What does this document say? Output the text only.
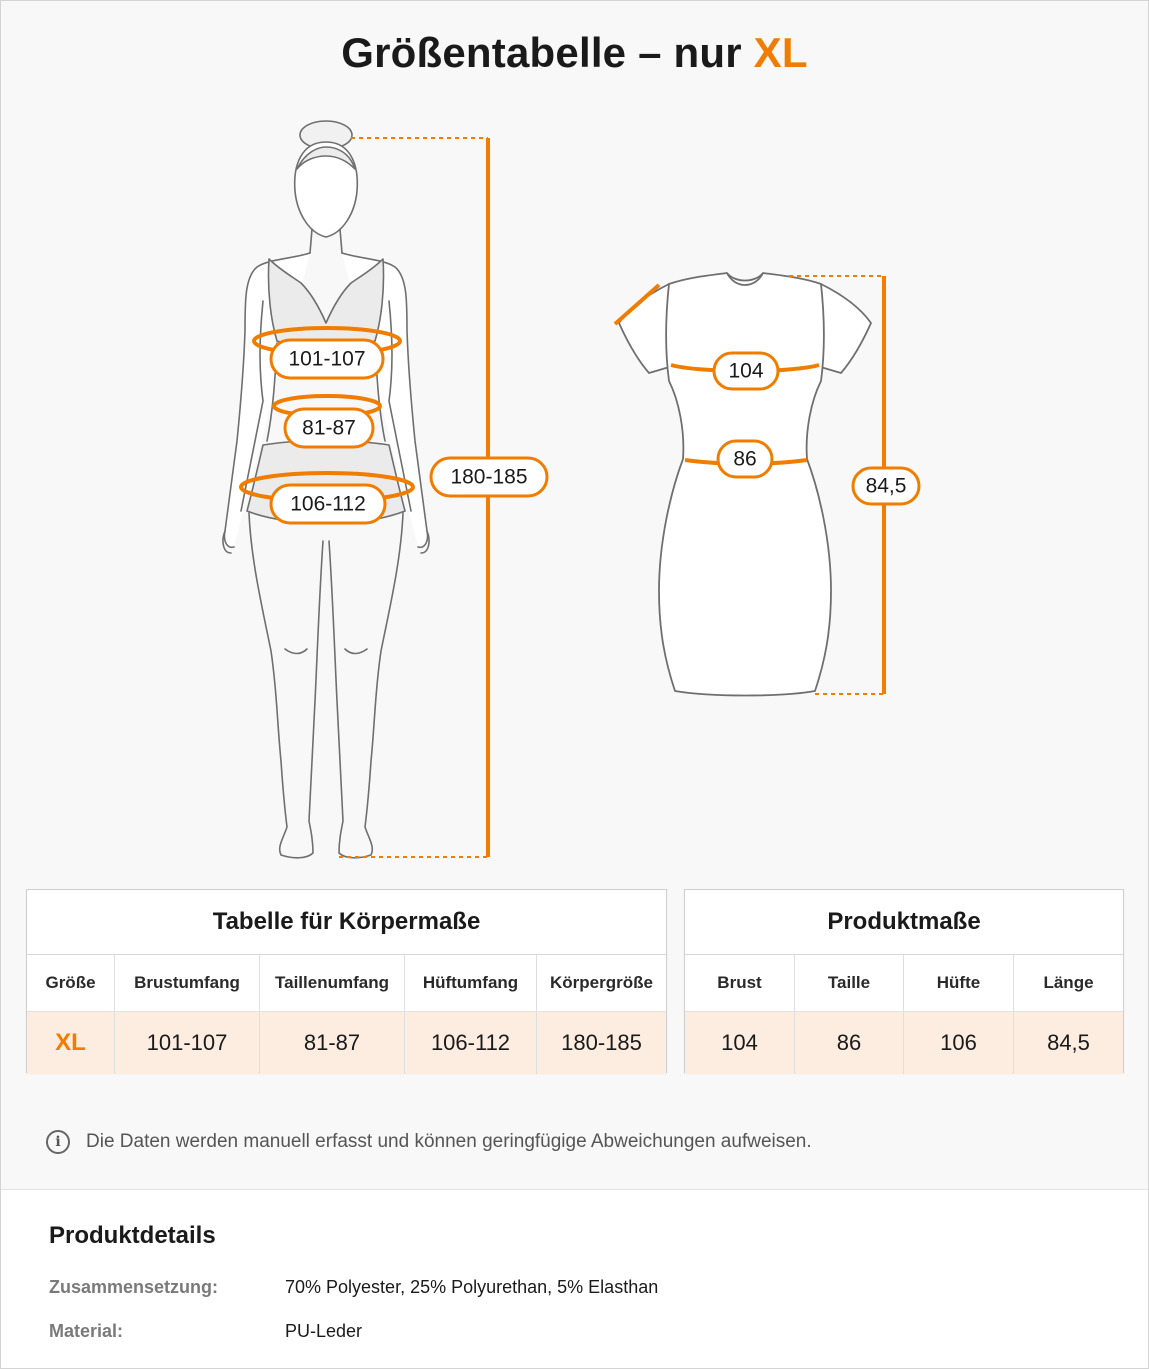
Größentabelle – nur XL
101-107
81-87
106-112
180-185
104
86
84,5
Tabelle für Körpermaße
Größe	Brustumfang	Taillenumfang	Hüftumfang	Körpergröße
XL	101-107	81-87	106-112	180-185
Produktmaße
Brust	Taille	Hüfte	Länge
104	86	106	84,5
i	Die Daten werden manuell erfasst und können geringfügige Abweichungen aufweisen.
Produktdetails
Zusammensetzung:	70% Polyester, 25% Polyurethan, 5% Elasthan
Material:	PU-Leder
